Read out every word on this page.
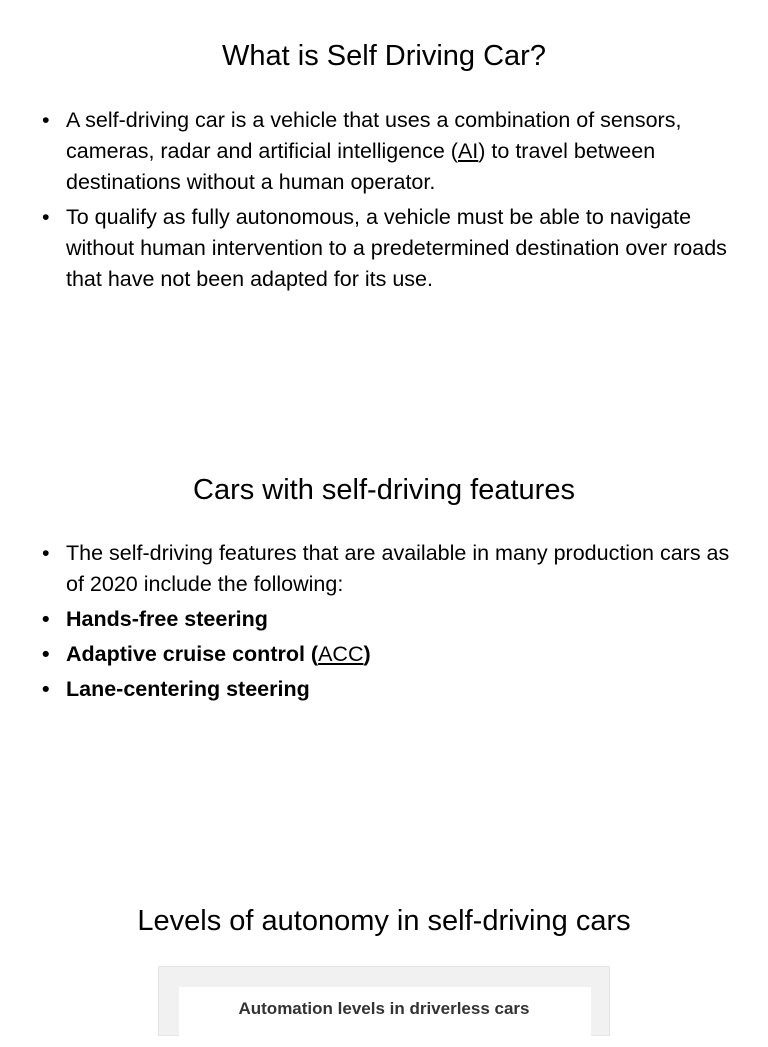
What is Self Driving Car?
• A self-driving car is a vehicle that uses a combination of sensors, cameras, radar and artificial intelligence (AI) to travel between destinations without a human operator.
• To qualify as fully autonomous, a vehicle must be able to navigate without human intervention to a predetermined destination over roads that have not been adapted for its use.
Cars with self-driving features
• The self-driving features that are available in many production cars as of 2020 include the following:
• Hands-free steering
• Adaptive cruise control (ACC)
• Lane-centering steering
Levels of autonomy in self-driving cars
Automation levels in driverless cars
